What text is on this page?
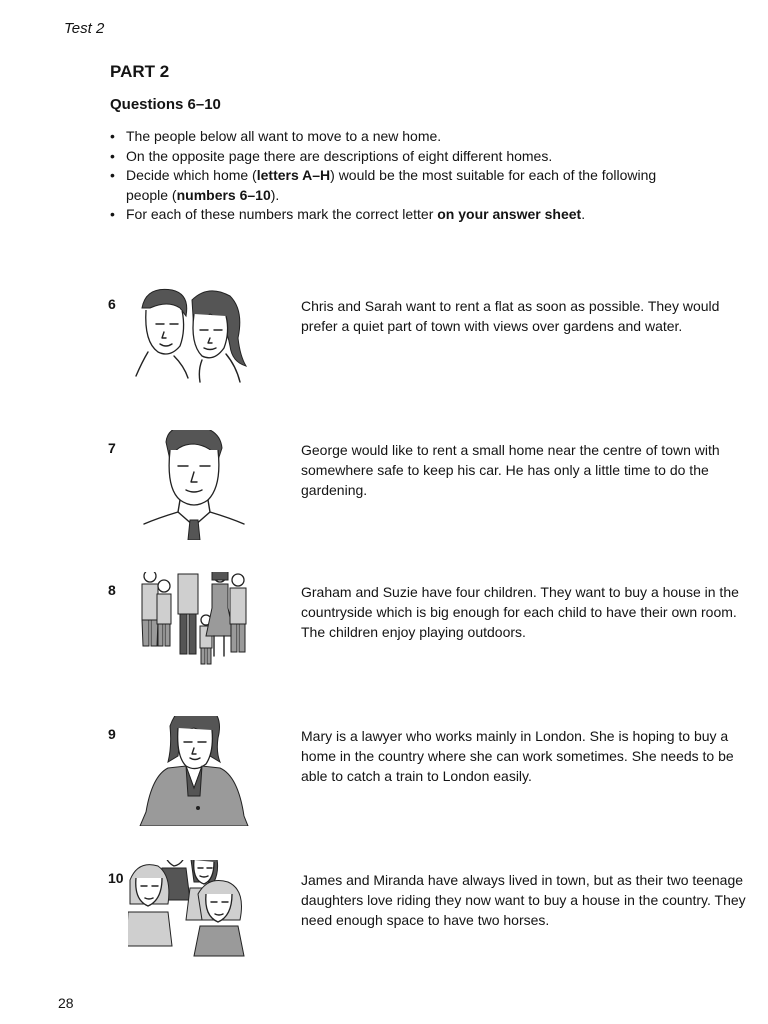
Test 2
PART 2
Questions 6–10
• The people below all want to move to a new home.
• On the opposite page there are descriptions of eight different homes.
• Decide which home (letters A–H) would be the most suitable for each of the following people (numbers 6–10).
• For each of these numbers mark the correct letter on your answer sheet.
6	Chris and Sarah want to rent a flat as soon as possible. They would prefer a quiet part of town with views over gardens and water.

7	George would like to rent a small home near the centre of town with somewhere safe to keep his car. He has only a little time to do the gardening.

8	Graham and Suzie have four children. They want to buy a house in the countryside which is big enough for each child to have their own room. The children enjoy playing outdoors.

9	Mary is a lawyer who works mainly in London. She is hoping to buy a home in the country where she can work sometimes. She needs to be able to catch a train to London easily.

10	James and Miranda have always lived in town, but as their two teenage daughters love riding they now want to buy a house in the country. They need enough space to have two horses.

28
